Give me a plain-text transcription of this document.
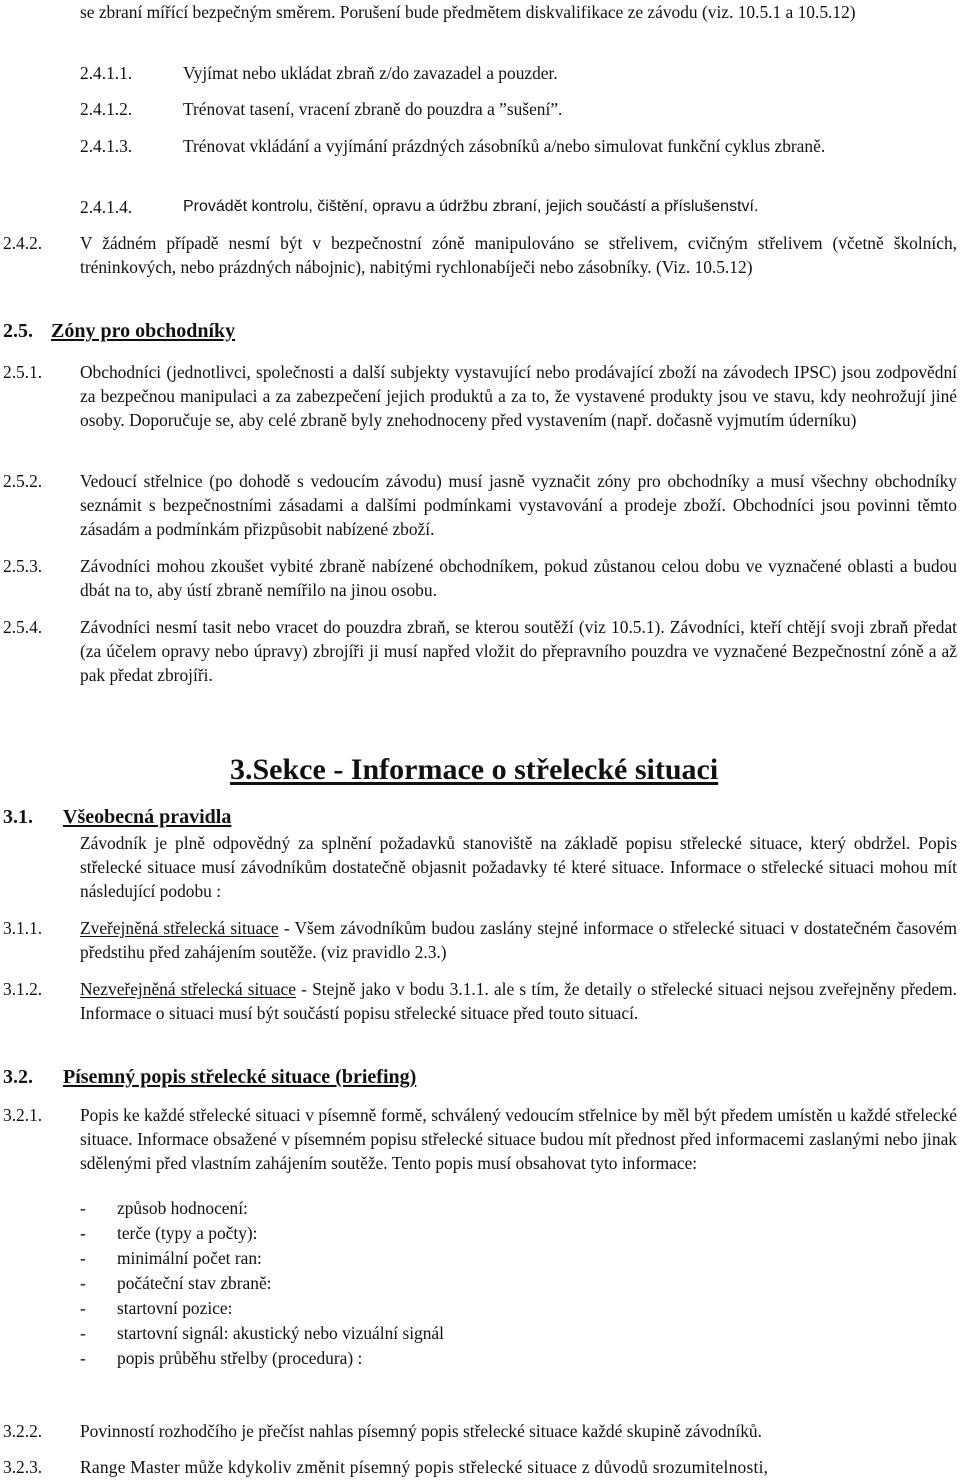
se zbraní mířící bezpečným směrem. Porušení bude předmětem diskvalifikace ze závodu (viz. 10.5.1 a 10.5.12)
2.4.1.1.	Vyjímat nebo ukládat zbraň z/do zavazadel a pouzder.
2.4.1.2.	Trénovat tasení, vracení zbraně do pouzdra a ”sušení”.
2.4.1.3.	Trénovat vkládání a vyjímání prázdných zásobníků a/nebo simulovat funkční cyklus zbraně.
2.4.1.4.	Provádět kontrolu, čištění, opravu a údržbu zbraní, jejich součástí a příslušenství.
2.4.2. V žádném případě nesmí být v bezpečnostní zóně manipulováno se střelivem, cvičným střelivem (včetně školních, tréninkových, nebo prázdných nábojnic), nabitými rychlonabíječi nebo zásobníky. (Viz. 10.5.12)
2.5. Zóny pro obchodníky
2.5.1. Obchodníci (jednotlivci, společnosti a další subjekty vystavující nebo prodávající zboží na závodech IPSC) jsou zodpovědní za bezpečnou manipulaci a za zabezpečení jejich produktů a za to, že vystavené produkty jsou ve stavu, kdy neohrožují jiné osoby. Doporučuje se, aby celé zbraně byly znehodnoceny před vystavením (např. dočasně vyjmutím úderníku)
2.5.2. Vedoucí střelnice (po dohodě s vedoucím závodu) musí jasně vyznačit zóny pro obchodníky a musí všechny obchodníky seznámit s bezpečnostními zásadami a dalšími podmínkami vystavování a prodeje zboží. Obchodníci jsou povinni těmto zásadám a podmínkám přizpůsobit nabízené zboží.
2.5.3. Závodníci mohou zkoušet vybité zbraně nabízené obchodníkem, pokud zůstanou celou dobu ve vyznačené oblasti a budou dbát na to, aby ústí zbraně nemířilo na jinou osobu.
2.5.4. Závodníci nesmí tasit nebo vracet do pouzdra zbraň, se kterou soutěží (viz 10.5.1). Závodníci, kteří chtějí svoji zbraň předat (za účelem opravy nebo úpravy) zbrojíři ji musí napřed vložit do přepravního pouzdra ve vyznačené Bezpečnostní zóně a až pak předat zbrojíři.
3.Sekce - Informace o střelecké situaci
3.1. Všeobecná pravidla
Závodník je plně odpovědný za splnění požadavků stanoviště na základě popisu střelecké situace, který obdržel. Popis střelecké situace musí závodníkům dostatečně objasnit požadavky té které situace. Informace o střelecké situaci mohou mít následující podobu :
3.1.1. Zveřejněná střelecká situace - Všem závodníkům budou zaslány stejné informace o střelecké situaci v dostatečném časovém předstihu před zahájením soutěže. (viz pravidlo 2.3.)
3.1.2. Nezveřejněná střelecká situace - Stejně jako v bodu 3.1.1. ale s tím, že detaily o střelecké situaci nejsou zveřejněny předem. Informace o situaci musí být součástí popisu střelecké situace před touto situací.
3.2. Písemný popis střelecké situace (briefing)
3.2.1. Popis ke každé střelecké situaci v písemně formě, schválený vedoucím střelnice by měl být předem umístěn u každé střelecké situace. Informace obsažené v písemném popisu střelecké situace budou mít přednost před informacemi zaslanými nebo jinak sdělenými před vlastním zahájením soutěže. Tento popis musí obsahovat tyto informace:
- způsob hodnocení:
- terče (typy a počty):
- minimální počet ran:
- počáteční stav zbraně:
- startovní pozice:
- startovní signál: akustický nebo vizuální signál
- popis průběhu střelby (procedura) :
3.2.2. Povinností rozhodčího je přečíst nahlas písemný popis střelecké situace každé skupině závodníků.
3.2.3. Range Master může kdykoliv změnit písemný popis střelecké situace z důvodů srozumitelnosti,
